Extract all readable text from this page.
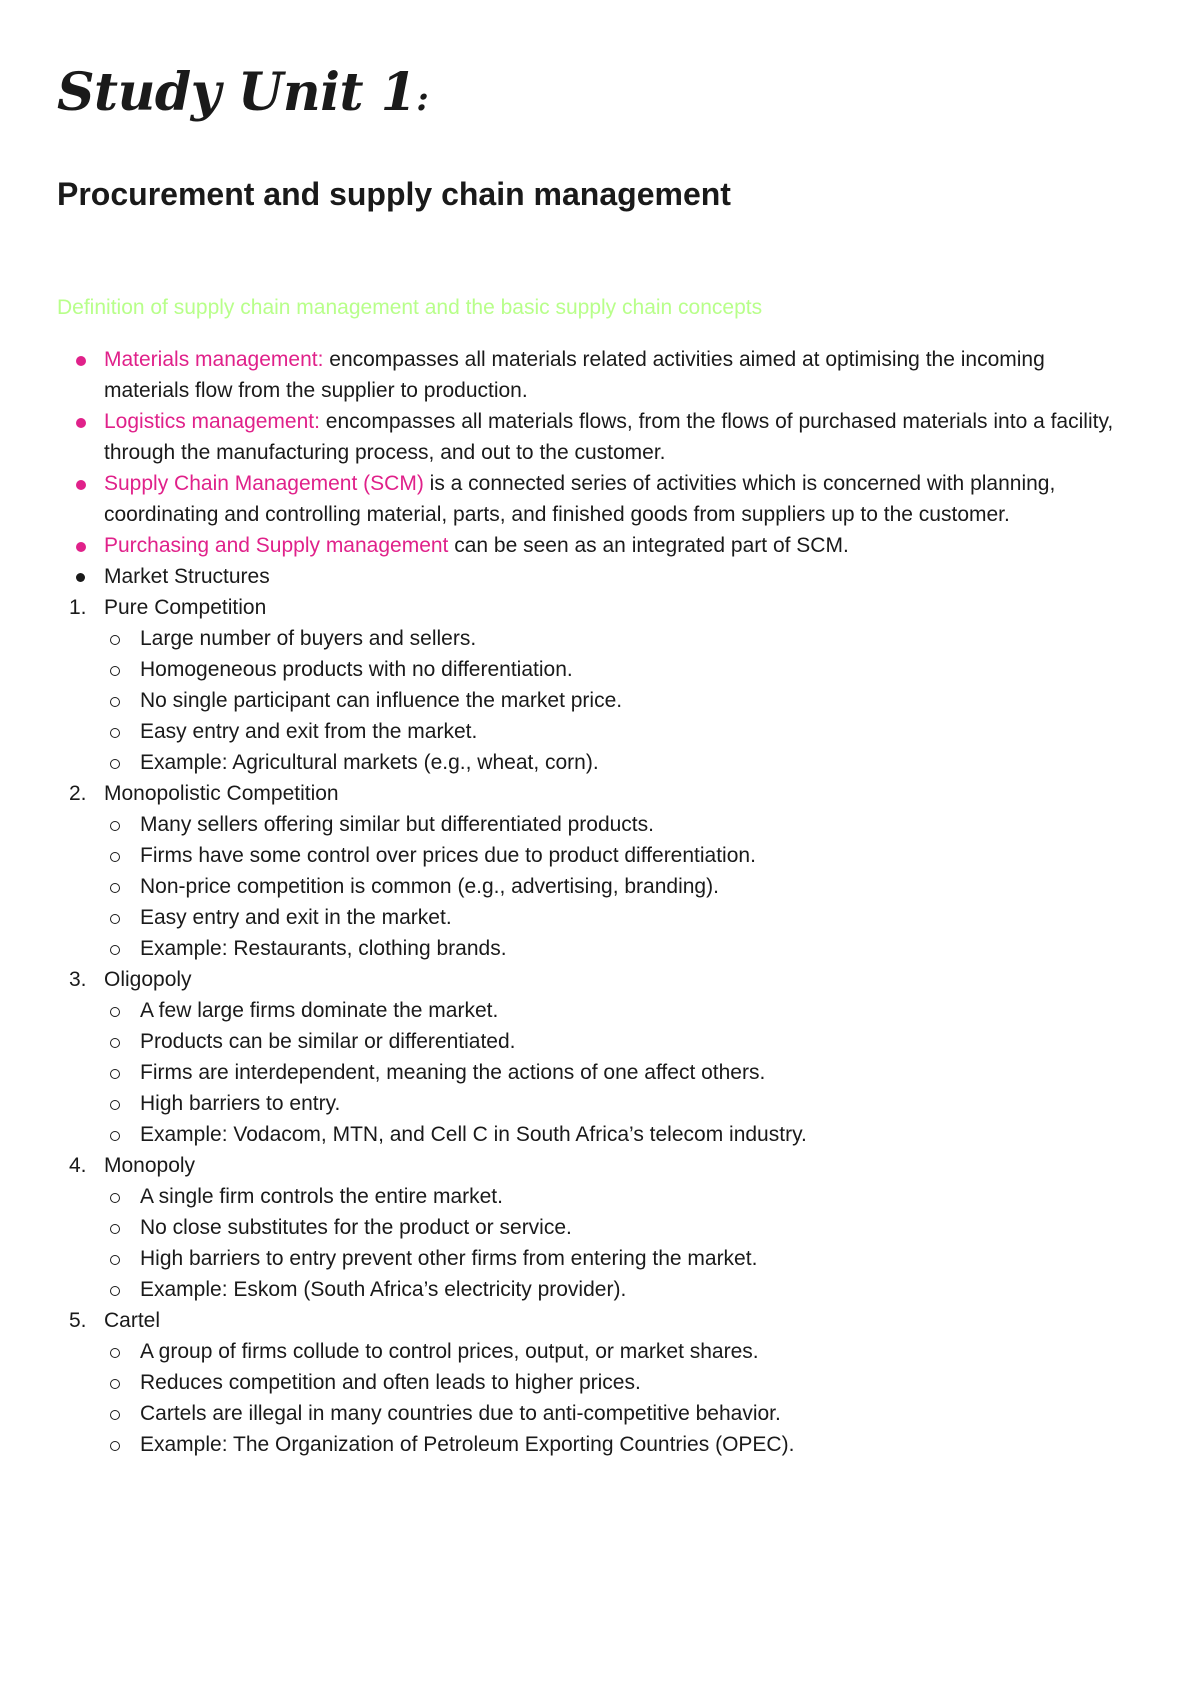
Study Unit 1:
Procurement and supply chain management
Definition of supply chain management and the basic supply chain concepts
Materials management: encompasses all materials related activities aimed at optimising the incoming materials flow from the supplier to production.
Logistics management: encompasses all materials flows, from the flows of purchased materials into a facility, through the manufacturing process, and out to the customer.
Supply Chain Management (SCM) is a connected series of activities which is concerned with planning, coordinating and controlling material, parts, and finished goods from suppliers up to the customer.
Purchasing and Supply management can be seen as an integrated part of SCM.
Market Structures
1. Pure Competition
Large number of buyers and sellers.
Homogeneous products with no differentiation.
No single participant can influence the market price.
Easy entry and exit from the market.
Example: Agricultural markets (e.g., wheat, corn).
2. Monopolistic Competition
Many sellers offering similar but differentiated products.
Firms have some control over prices due to product differentiation.
Non-price competition is common (e.g., advertising, branding).
Easy entry and exit in the market.
Example: Restaurants, clothing brands.
3. Oligopoly
A few large firms dominate the market.
Products can be similar or differentiated.
Firms are interdependent, meaning the actions of one affect others.
High barriers to entry.
Example: Vodacom, MTN, and Cell C in South Africa’s telecom industry.
4. Monopoly
A single firm controls the entire market.
No close substitutes for the product or service.
High barriers to entry prevent other firms from entering the market.
Example: Eskom (South Africa’s electricity provider).
5. Cartel
A group of firms collude to control prices, output, or market shares.
Reduces competition and often leads to higher prices.
Cartels are illegal in many countries due to anti-competitive behavior.
Example: The Organization of Petroleum Exporting Countries (OPEC).
